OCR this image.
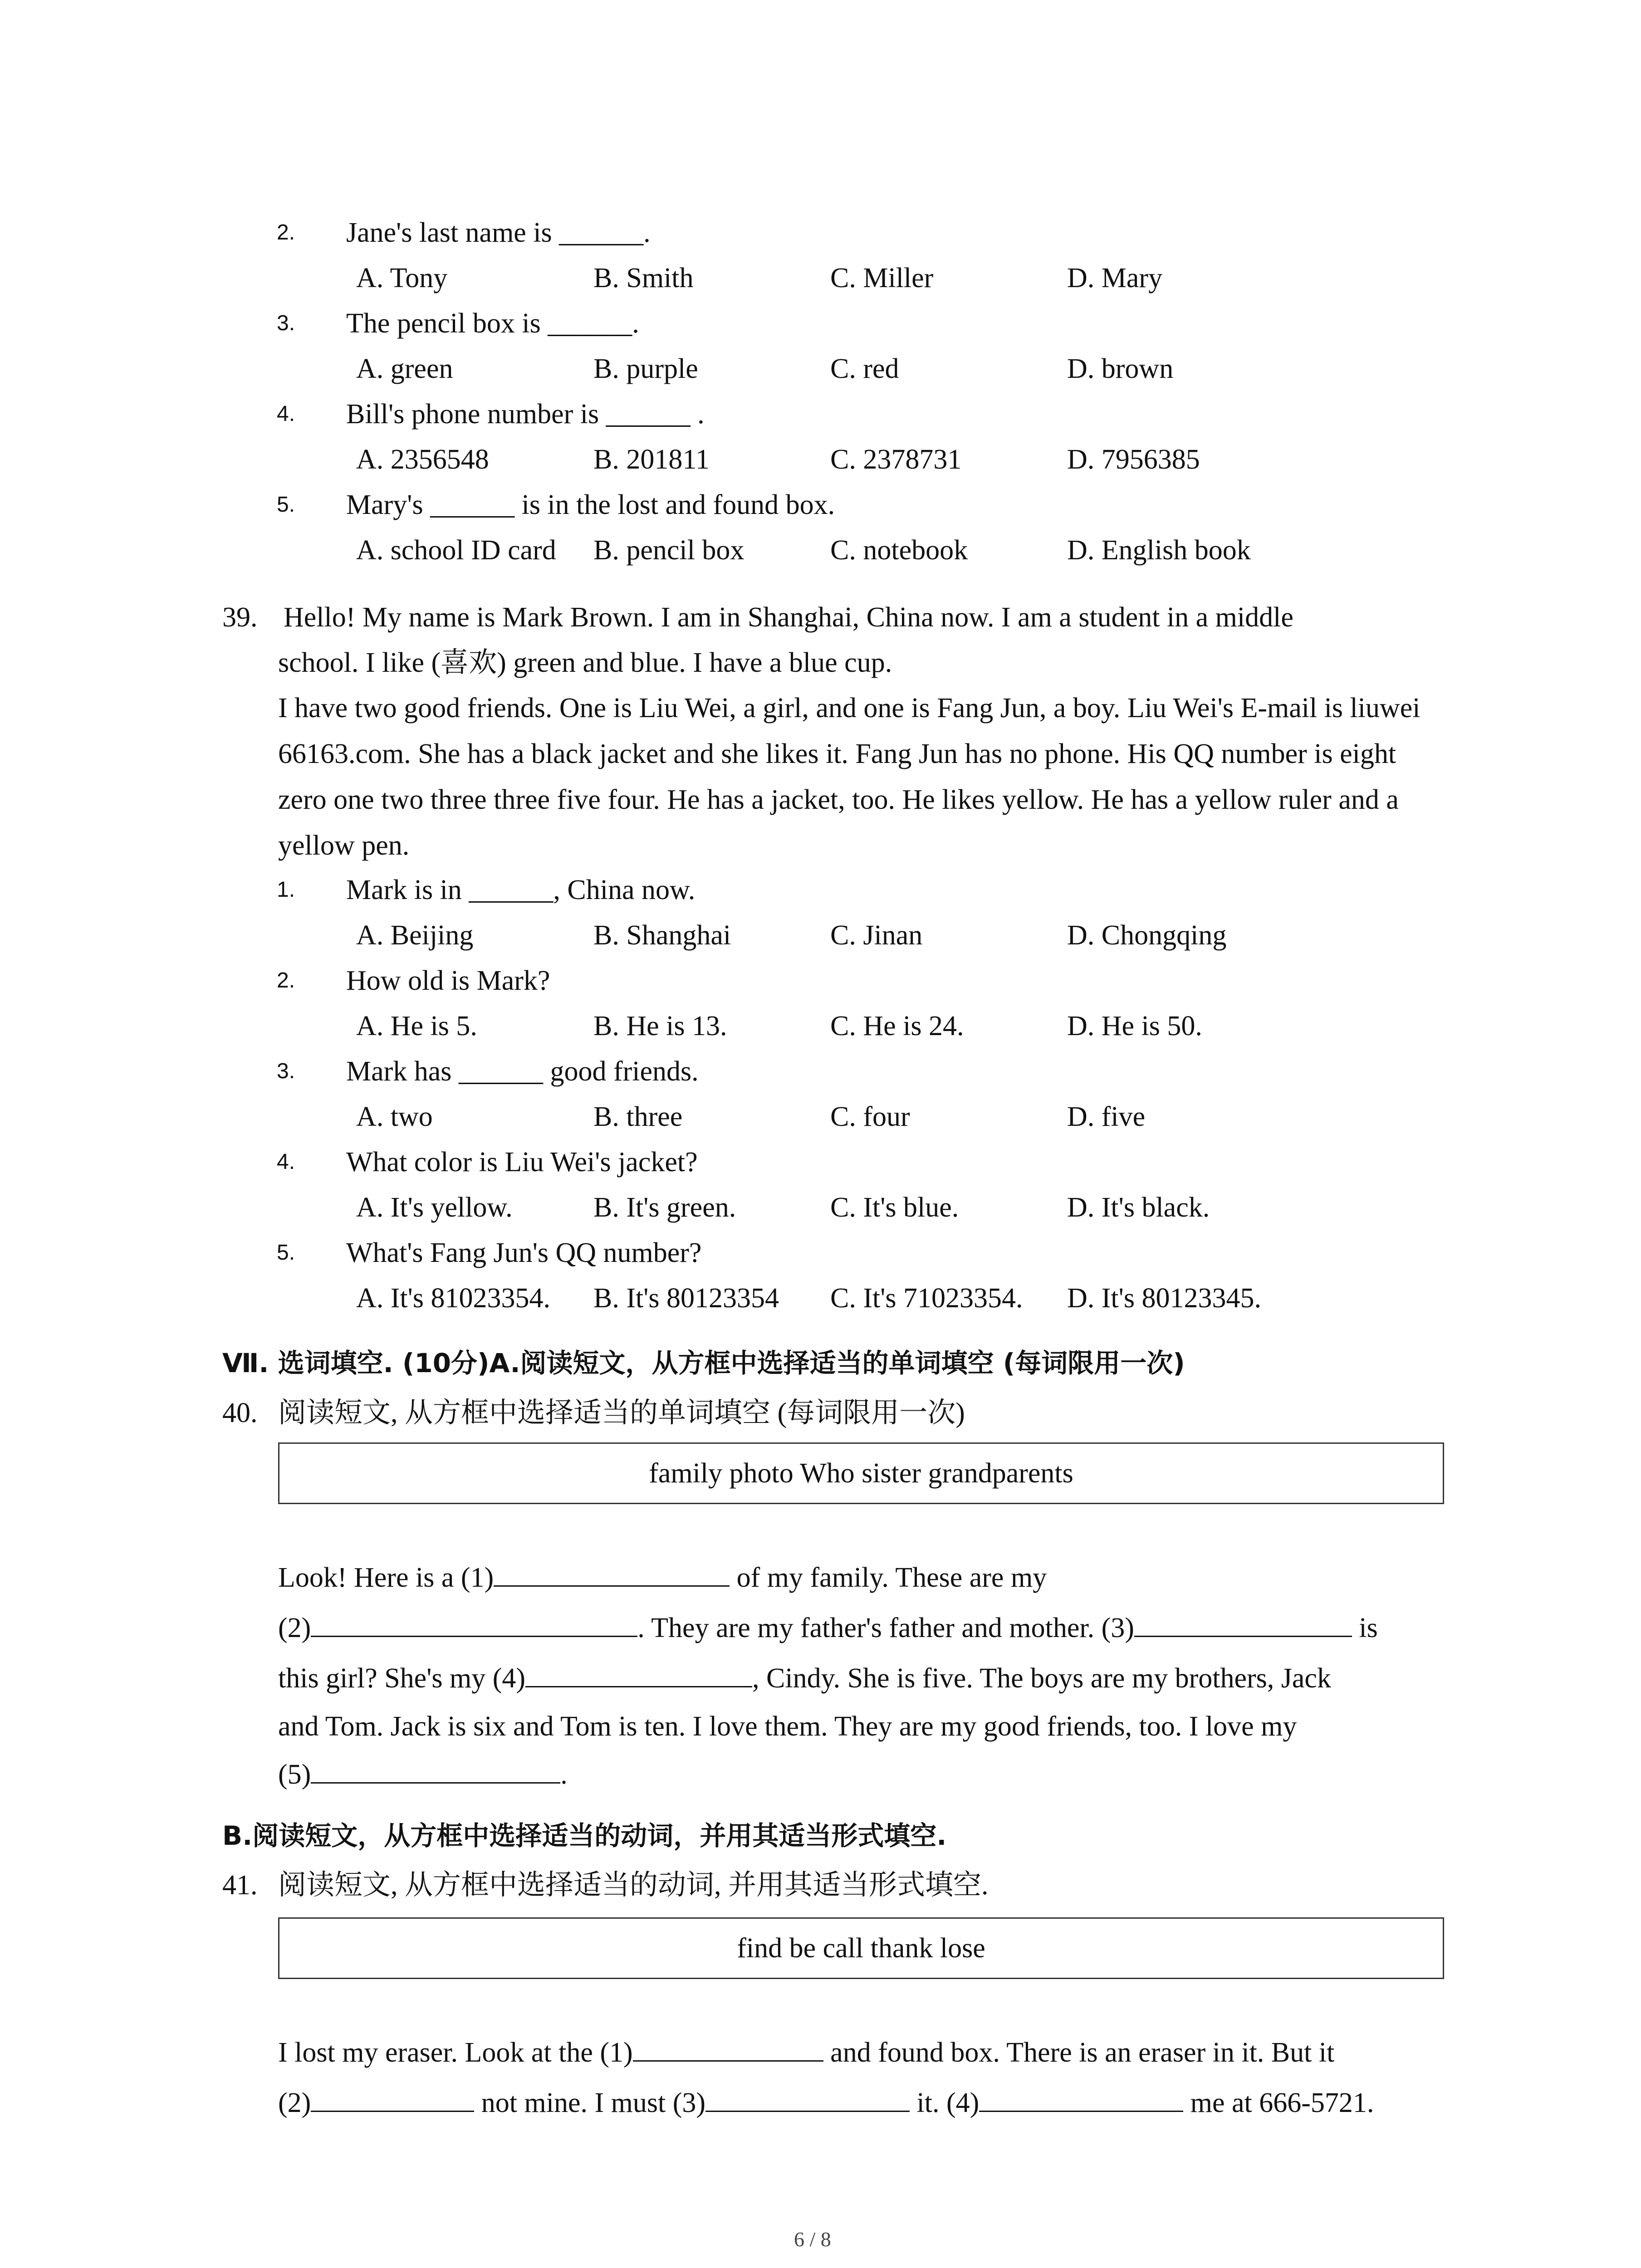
2. Jane's last name is ______.
A. Tony	B. Smith	C. Miller	D. Mary
3. The pencil box is ______.
A. green	B. purple	C. red	D. brown
4. Bill's phone number is ______ .
A. 2356548	B. 201811	C. 2378731	D. 7956385
5. Mary's ______ is in the lost and found box.
A. school ID card B. pencil box	C. notebook	D. English book
39. Hello! My name is Mark Brown. I am in Shanghai, China now. I am a student in a middle
school. I like (喜欢) green and blue. I have a blue cup.

I have two good friends. One is Liu Wei, a girl, and one is Fang Jun, a boy. Liu Wei's E-mail is liuwei 66163.com. She has a black jacket and she likes it. Fang Jun has no phone. His QQ number is eight zero one two three three five four. He has a jacket, too. He likes yellow. He has a yellow ruler and a yellow pen.

1. Mark is in ______, China now.
A. Beijing	B. Shanghai	C. Jinan	D. Chongqing
2. How old is Mark?
A. He is 5.	B. He is 13.	C. He is 24.	D. He is 50.
3. Mark has ______ good friends.
A. two	B. three	C. four	D. five
4. What color is Liu Wei's jacket?
A. It's yellow.	B. It's green.	C. It's blue.	D. It's black.
5. What's Fang Jun's QQ number?
A. It's 81023354. B. It's 80123354 C. It's 71023354. D. It's 80123345.
Ⅶ. 选词填空. (10分)A.阅读短文，从方框中选择适当的单词填空 (每词限用一次)
40. 阅读短文, 从方框中选择适当的单词填空 (每词限用一次)
family photo Who sister grandparents
Look! Here is a (1)	of my family. These are my
(2)	. They are my father's father and mother. (3)	is
this girl? She's my (4)	, Cindy. She is five. The boys are my brothers, Jack
and Tom. Jack is six and Tom is ten. I love them. They are my good friends, too. I love my
(5)	.
B.阅读短文，从方框中选择适当的动词，并用其适当形式填空.
41. 阅读短文, 从方框中选择适当的动词, 并用其适当形式填空.
find be call thank lose
I lost my eraser. Look at the (1)	and found box. There is an eraser in it. But it
(2)	not mine. I must (3)	it. (4)	me at 666-5721.
6 / 8
